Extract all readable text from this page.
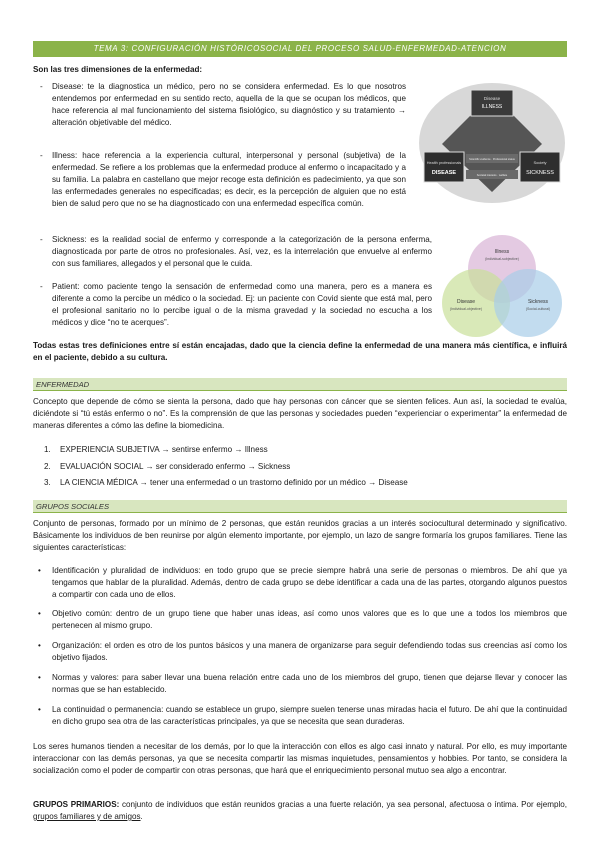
TEMA 3: CONFIGURACIÓN HISTÓRICOSOCIAL DEL PROCESO SALUD-ENFERMEDAD-ATENCION
Son las tres dimensiones de la enfermedad:
- Disease: te la diagnostica un médico, pero no se considera enfermedad. Es lo que nosotros entendemos por enfermedad en su sentido recto, aquella de la que se ocupan los médicos, que hace referencia al mal funcionamiento del sistema fisiológico, su diagnóstico y su tratamiento → alteración objetivable del médico.
- Illness: hace referencia a la experiencia cultural, interpersonal y personal (subjetiva) de la enfermedad. Se refiere a los problemas que la enfermedad produce al enfermo o incapacitado y a su familia. La palabra en castellano que mejor recoge esta definición es padecimiento, ya que son las enfermedades generales no especificadas; es decir, es la percepción de alguien que no está bien de salud pero que no se ha diagnosticado con una enfermedad específica común.
- Sickness: es la realidad social de enfermo y corresponde a la categorización de la persona enferma, diagnosticada por parte de otros no profesionales. Así, vez, es la interrelación que envuelve al enfermo con sus familiares, allegados y el personal que le cuida.
- Patient: como paciente tengo la sensación de enfermedad como una manera, pero es a manera es diferente a como la percibe un médico o la sociedad. Ej: un paciente con Covid siente que está mal, pero el profesional sanitario no lo percibe igual o de la misma gravedad y la sociedad no escucha a los médicos y dice “no te acerques”.
Disease
ILLNESS
Health professionals
DISEASE
Society
SICKNESS
Scientific evidence · Professional status
Societal interests · welfare
Illness
(Individual-subjective)
Disease
(Individual-objective)
Sickness
(Social-cultural)
Todas estas tres definiciones entre sí están encajadas, dado que la ciencia define la enfermedad de una manera más científica, e influirá en el paciente, debido a su cultura.
ENFERMEDAD
Concepto que depende de cómo se sienta la persona, dado que hay personas con cáncer que se sienten felices. Aun así, la sociedad te evalúa, diciéndote si “tú estás enfermo o no”. Es la comprensión de que las personas y sociedades pueden “experienciar o experimentar” la enfermedad de maneras diferentes a cómo las define la biomedicina.
1. EXPERIENCIA SUBJETIVA → sentirse enfermo → Illness
2. EVALUACIÓN SOCIAL → ser considerado enfermo → Sickness
3. LA CIENCIA MÉDICA → tener una enfermedad o un trastorno definido por un médico → Disease
GRUPOS SOCIALES
Conjunto de personas, formado por un mínimo de 2 personas, que están reunidos gracias a un interés sociocultural determinado y significativo. Básicamente los individuos de ben reunirse por algún elemento importante, por ejemplo, un lazo de sangre formaría los grupos familiares. Tiene las siguientes características:
• Identificación y pluralidad de individuos: en todo grupo que se precie siempre habrá una serie de personas o miembros. De ahí que ya tengamos que hablar de la pluralidad. Además, dentro de cada grupo se debe identificar a cada una de las partes, otorgando algunos puestos a compartir con cada uno de ellos.
• Objetivo común: dentro de un grupo tiene que haber unas ideas, así como unos valores que es lo que une a todos los miembros que pertenecen al mismo grupo.
• Organización: el orden es otro de los puntos básicos y una manera de organizarse para seguir defendiendo todas sus creencias así como los objetivo fijados.
• Normas y valores: para saber llevar una buena relación entre cada uno de los miembros del grupo, tienen que dejarse llevar y conocer las normas que se han establecido.
• La continuidad o permanencia: cuando se establece un grupo, siempre suelen tenerse unas miradas hacia el futuro. De ahí que la continuidad en dicho grupo sea otra de las características principales, ya que se necesita que sean duraderas.
Los seres humanos tienden a necesitar de los demás, por lo que la interacción con ellos es algo casi innato y natural. Por ello, es muy importante interaccionar con las demás personas, ya que se necesita compartir las mismas inquietudes, pensamientos y hobbies. Por tanto, se considera la socialización como el poder de compartir con otras personas, que hará que el enriquecimiento personal mutuo sea algo a encontrar.
GRUPOS PRIMARIOS: conjunto de individuos que están reunidos gracias a una fuerte relación, ya sea personal, afectuosa o íntima. Por ejemplo, grupos familiares y de amigos.
